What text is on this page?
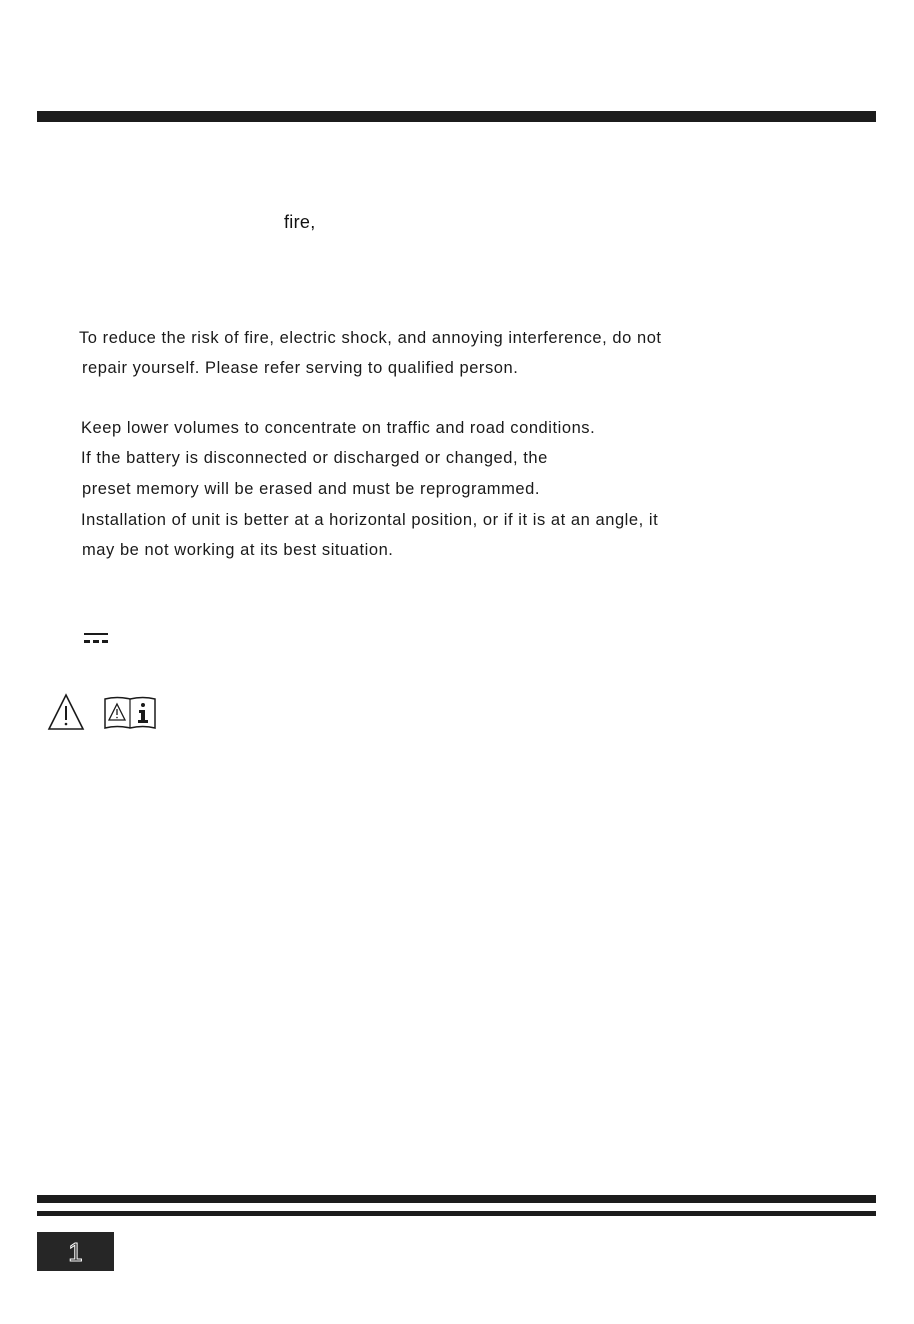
fire,
To reduce the risk of fire, electric shock, and annoying interference, do not
repair yourself. Please refer serving to qualified person.
Keep lower volumes to concentrate on traffic and road conditions.
If the battery is disconnected or discharged or changed, the
preset memory will be erased and must be reprogrammed.
Installation of unit is better at a horizontal position, or if it is at an angle, it
may be not working at its best situation.
1
